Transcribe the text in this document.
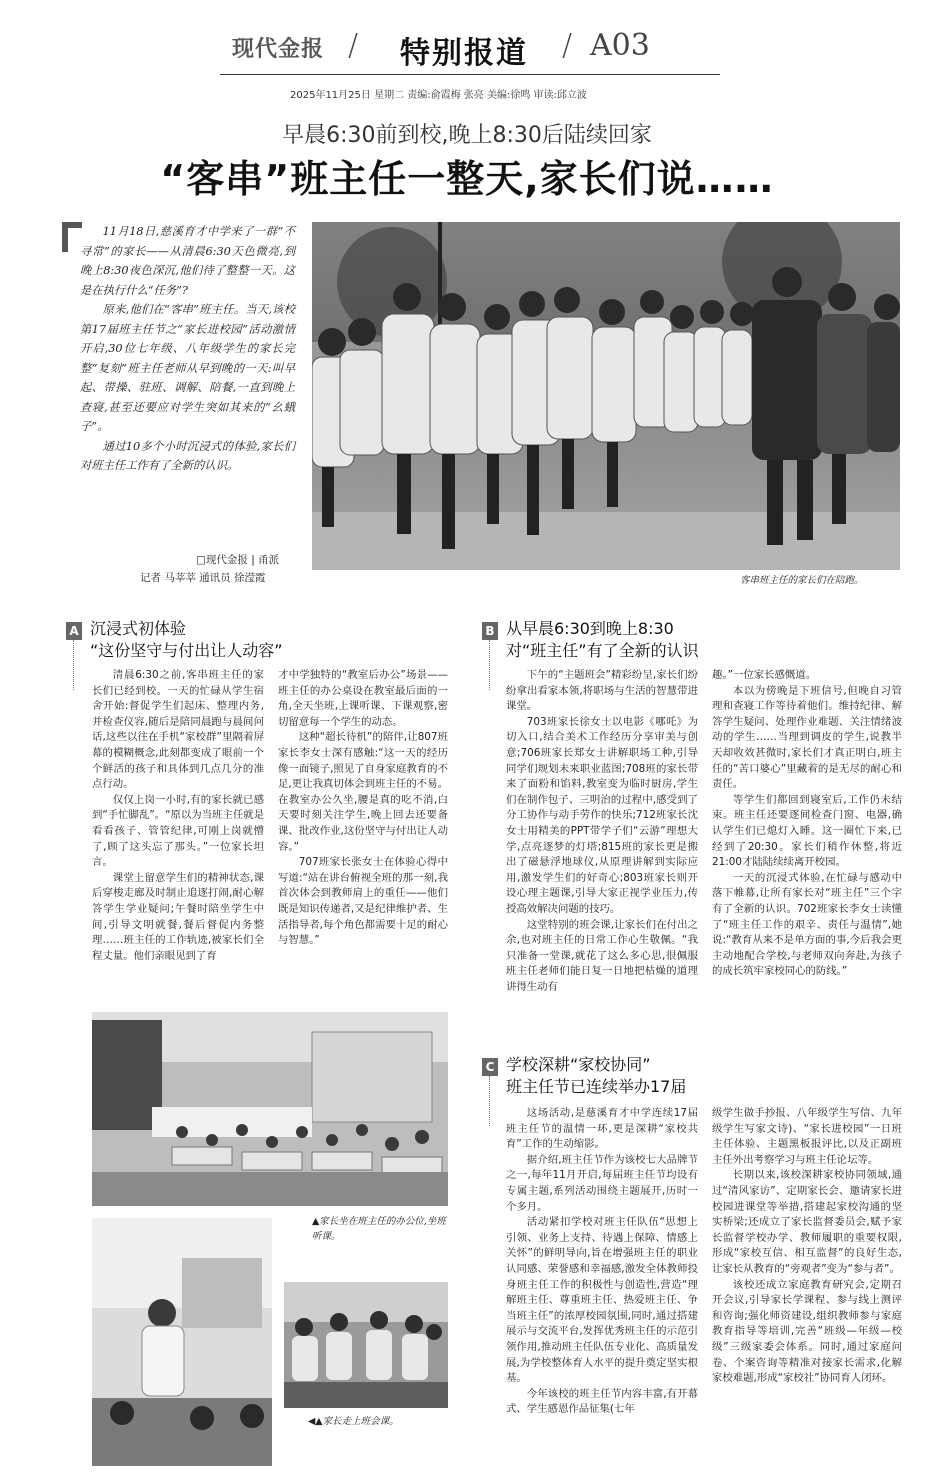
现代金报 / 特别报道 / A03
2025年11月25日 星期二 责编:俞霞梅 张亮 美编:徐鸣 审读:邱立波
早晨6:30前到校,晚上8:30后陆续回家
“客串”班主任一整天,家长们说……

11月18日,慈溪育才中学来了一群“不寻常”的家长——从清晨6:30天色微亮,到晚上8:30夜色深沉,他们待了整整一天。这是在执行什么“任务”?

原来,他们在“客串”班主任。当天,该校第17届班主任节之“家长进校园”活动激情开启,30位七年级、八年级学生的家长完整“复刻”班主任老师从早到晚的一天:叫早起、带操、驻班、调解、陪餐,一直到晚上查寝,甚至还要应对学生突如其来的“幺蛾子”。

通过10多个小时沉浸式的体验,家长们对班主任工作有了全新的认识。

□现代金报 | 甬派
记者 马莘莘 通讯员 徐滢霞	客串班主任的家长们在陪跑。
A 沉浸式初体验
“这份坚守与付出让人动容”

清晨6:30之前,客串班主任的家长们已经到校。一天的忙碌从学生宿舍开始:督促学生们起床、整理内务,并检查仪容,随后是陪同晨跑与晨间问话,这些以往在手机“家校群”里隔着屏幕的模糊概念,此刻都变成了眼前一个个鲜活的孩子和具体到几点几分的准点行动。

仅仅上岗一小时,有的家长就已感到“手忙脚乱”。“原以为当班主任就是看看孩子、管管纪律,可刚上岗就懵了,顾了这头忘了那头。”一位家长坦言。

课堂上留意学生们的精神状态,课后穿梭走廊及时制止追逐打闹,耐心解答学生学业疑问;午餐时陪坐学生中间,引导文明就餐,餐后督促内务整理……班主任的工作轨迹,被家长们全程丈量。他们亲眼见到了育

才中学独特的“教室后办公”场景——班主任的办公桌设在教室最后面的一角,全天坐班,上课听课、下课观察,密切留意每一个学生的动态。

这种“超长待机”的陪伴,让807班家长李女士深有感触:“这一天的经历像一面镜子,照见了自身家庭教育的不足,更让我真切体会到班主任的不易。在教室办公久坐,腰是真的吃不消,白天要时刻关注学生,晚上回去还要备课、批改作业,这份坚守与付出让人动容。”

707班家长张女士在体验心得中写道:“站在讲台俯视全班的那一刻,我首次体会到教师肩上的重任——他们既是知识传递者,又是纪律维护者、生活指导者,每个角色都需要十足的耐心与智慧。”

▲家长坐在班主任的办公位,坐班听课。
◀▲家长走上班会课。
B 从早晨6:30到晚上8:30
对“班主任”有了全新的认识

下午的“主题班会”精彩纷呈,家长们纷纷拿出看家本领,将职场与生活的智慧带进课堂。

703班家长徐女士以电影《哪吒》为切入口,结合美术工作经历分享审美与创意;706班家长郑女士讲解职场工种,引导同学们规划未来职业蓝图;708班的家长带来了面粉和馅料,教室变为临时厨房,学生们在制作包子、三明治的过程中,感受到了分工协作与动手劳作的快乐;712班家长沈女士用精美的PPT带学子们“云游”理想大学,点亮逐梦的灯塔;815班的家长更是搬出了磁悬浮地球仪,从原理讲解到实际应用,激发学生们的好奇心;803班家长则开设心理主题课,引导大家正视学业压力,传授高效解决问题的技巧。

这堂特别的班会课,让家长们在付出之余,也对班主任的日常工作心生敬佩。“我只准备一堂课,就花了这么多心思,很佩服班主任老师们能日复一日地把枯燥的道理讲得生动有

趣。”一位家长感慨道。

本以为傍晚是下班信号,但晚自习管理和查寝工作等待着他们。维持纪律、解答学生疑问、处理作业难题、关注情绪波动的学生……当理到调皮的学生,说教半天却收效甚微时,家长们才真正明白,班主任的“苦口婆心”里藏着的是无尽的耐心和责任。

等学生们都回到寝室后,工作仍未结束。班主任还要逐间检查门窗、电器,确认学生们已熄灯入睡。这一圈忙下来,已经到了20:30。家长们稍作休整,将近21:00才陆陆续续离开校园。

一天的沉浸式体验,在忙碌与感动中落下帷幕,让所有家长对“班主任”三个字有了全新的认识。702班家长李女士读懂了“班主任工作的艰辛、责任与温情”,她说:“教育从来不是单方面的事,今后我会更主动地配合学校,与老师双向奔赴,为孩子的成长筑牢家校同心的防线。”

C 学校深耕“家校协同”
班主任节已连续举办17届

这场活动,是慈溪育才中学连续17届班主任节的温情一环,更是深耕“家校共育”工作的生动缩影。

据介绍,班主任节作为该校七大品牌节之一,每年11月开启,每届班主任节均设有专属主题,系列活动围绕主题展开,历时一个多月。

活动紧扣学校对班主任队伍“思想上引领、业务上支持、待遇上保障、情感上关怀”的鲜明导向,旨在增强班主任的职业认同感、荣誉感和幸福感,激发全体教师投身班主任工作的积极性与创造性,营造“理解班主任、尊重班主任、热爱班主任、争当班主任”的浓厚校园氛围,同时,通过搭建展示与交流平台,发挥优秀班主任的示范引领作用,推动班主任队伍专业化、高质量发展,为学校整体育人水平的提升奠定坚实根基。

今年该校的班主任节内容丰富,有开幕式、学生感恩作品征集(七年

级学生做手抄报、八年级学生写信、九年级学生写家文诗)、“家长进校园”一日班主任体验、主题黑板报评比,以及正副班主任外出考察学习与班主任论坛等。

长期以来,该校深耕家校协同领域,通过“清风家访”、定期家长会、邀请家长进校园进课堂等举措,搭建起家校沟通的坚实桥梁;还成立了家长监督委员会,赋予家长监督学校办学、教师履职的重要权限,形成“家校互信、相互监督”的良好生态,让家长从教育的“旁观者”变为“参与者”。

该校还成立家庭教育研究会,定期召开会议,引导家长学课程、参与线上测评和咨询;强化师资建设,组织教师参与家庭教育指导等培训,完善“班级—年级—校级”三级家委会体系。同时,通过家庭问卷、个案咨询等精准对接家长需求,化解家校难题,形成“家校社”协同育人闭环。
